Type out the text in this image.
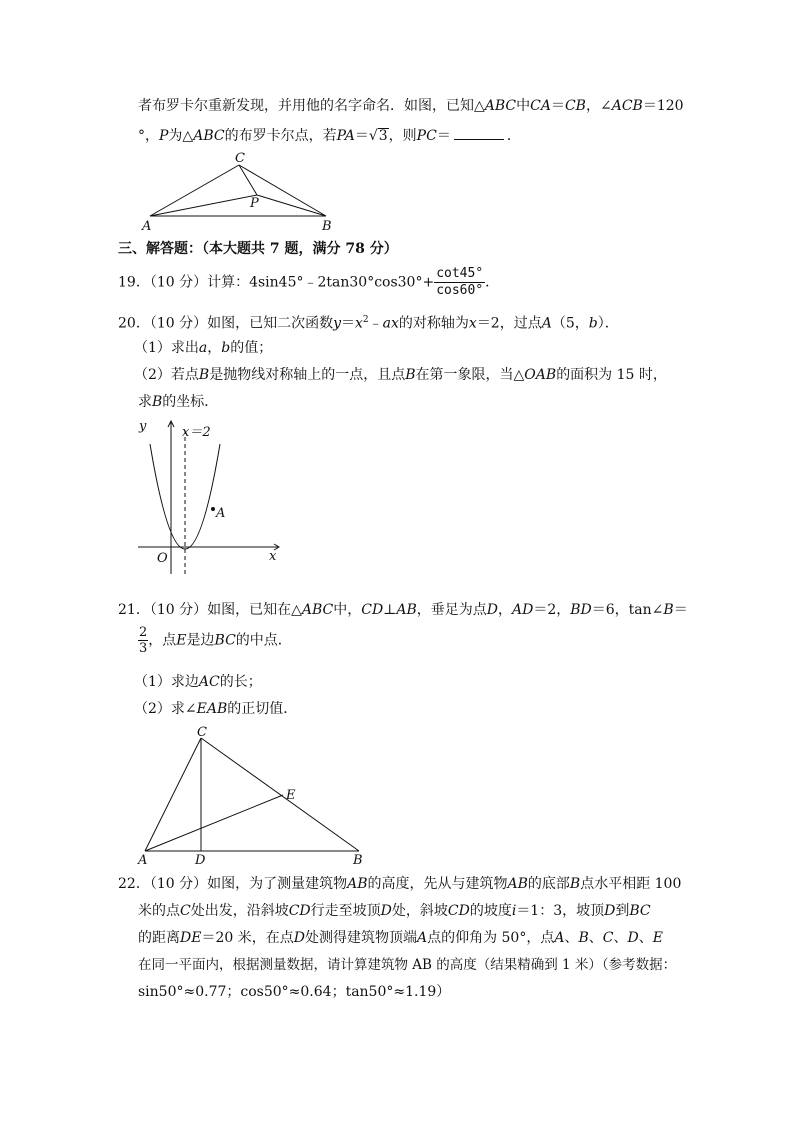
者布罗卡尔重新发现，并用他的名字命名．如图，已知△ABC中CA＝CB，∠ACB＝120
°，P为△ABC的布罗卡尔点，若PA＝√3，则PC＝	．
C
P
A	B
三、解答题：（本大题共 7 题，满分 78 分）
19．（10 分）计算：4sin45°﹣2tan30°cos30°+ $\frac{\cot 45^\circ}{\cos 60^\circ}$ ．
20．（10 分）如图，已知二次函数$y=x^2﹣ax$的对称轴为x＝2，过点A（5，b）．
（1）求出a，b的值；
（2）若点B是抛物线对称轴上的一点，且点B在第一象限，当△OAB的面积为 15 时，
求B的坐标．
y	x＝2
A
O	x
21．（10 分）如图，已知在△ABC中，CD⊥AB，垂足为点D，AD＝2，BD＝6，tan∠B＝
$\frac{2}{3}$ ，点E是边BC的中点．
（1）求边AC的长；
（2）求∠EAB的正切值．
C
E
A	D	B
22．（10 分）如图，为了测量建筑物AB的高度，先从与建筑物AB的底部B点水平相距 100
米的点C处出发，沿斜坡CD行走至坡顶D处，斜坡CD的坡度i＝1：3，坡顶D到BC
的距离DE＝20 米，在点D处测得建筑物顶端A点的仰角为 50°，点A、B、C、D、E
在同一平面内，根据测量数据，请计算建筑物 AB 的高度（结果精确到 1 米）（参考数据：
sin50°≈0.77；cos50°≈0.64；tan50°≈1.19）
